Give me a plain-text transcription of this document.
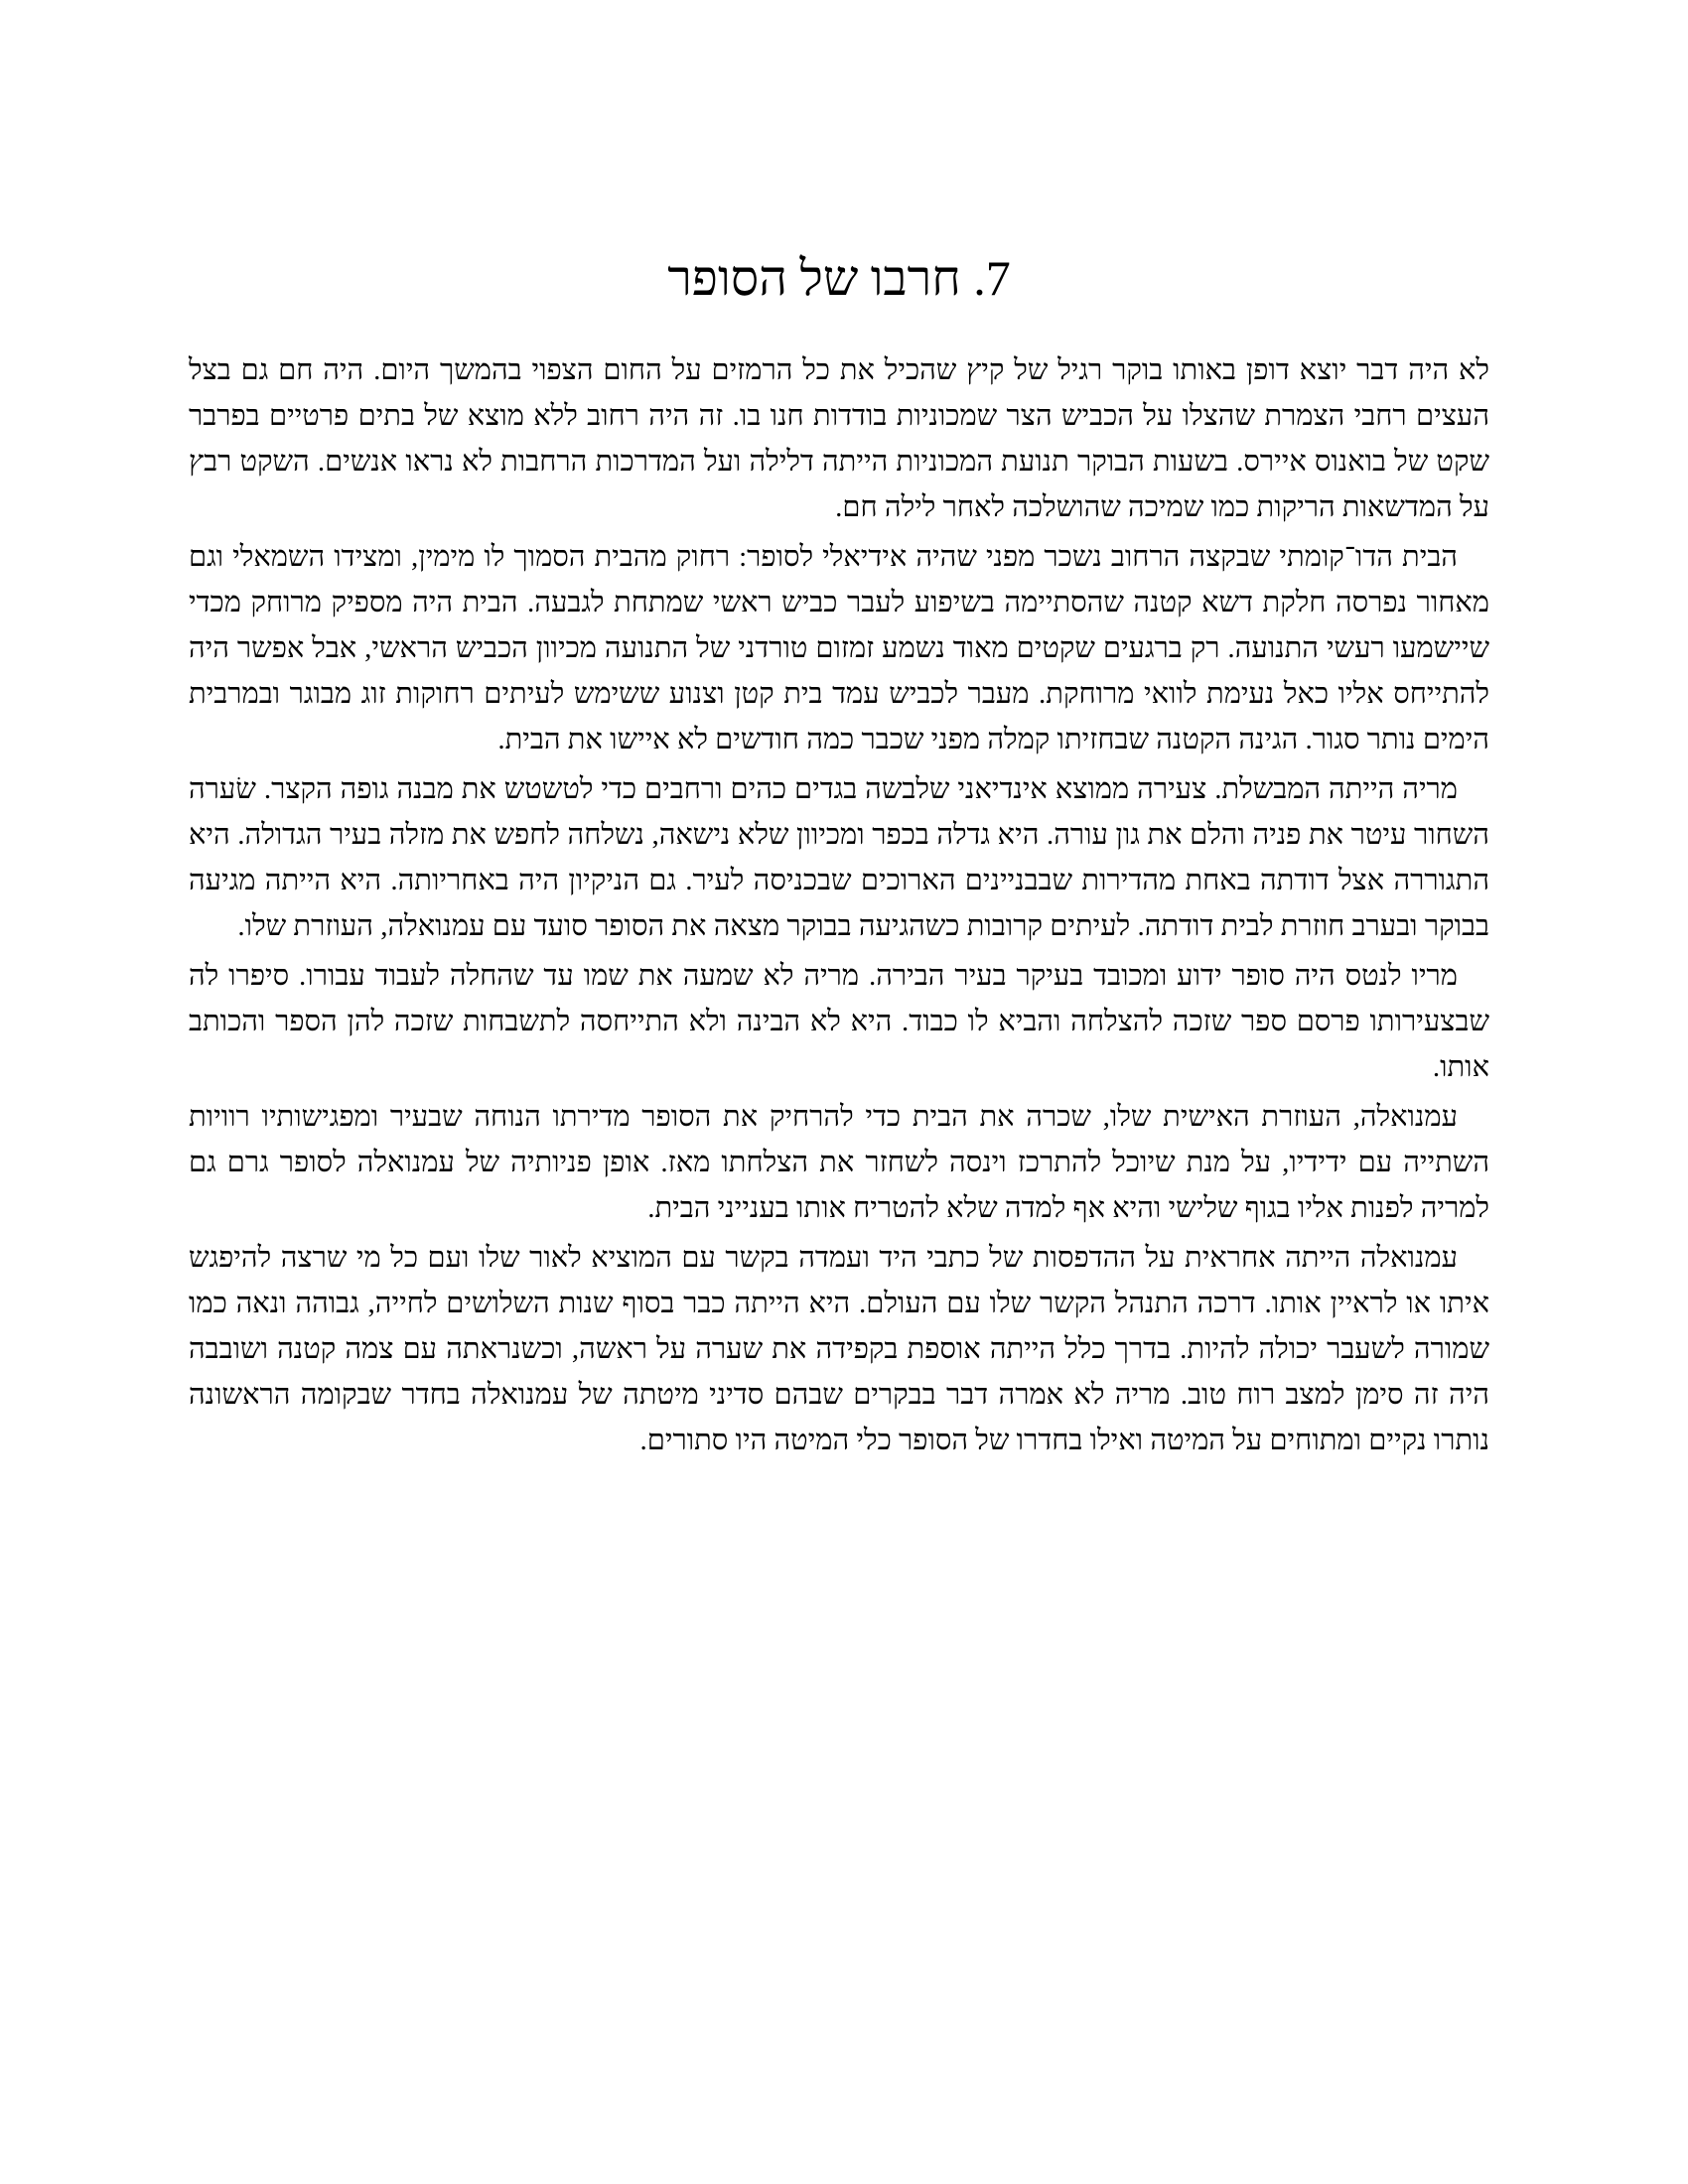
7. חרבו של הסופר

לא היה דבר יוצא דופן באותו בוקר רגיל של קיץ שהכיל את כל הרמזים על החום הצפוי בהמשך היום. היה חם גם בצל העצים רחבי הצמרת שהצלו על הכביש הצר שמכוניות בודדות חנו בו. זה היה רחוב ללא מוצא של בתים פרטיים בפרבר שקט של בואנוס איירס. בשעות הבוקר תנועת המכוניות הייתה דלילה ועל המדרכות הרחבות לא נראו אנשים. השקט רבץ על המדשאות הריקות כמו שמיכה שהושלכה לאחר לילה חם.

הבית הדו־קומתי שבקצה הרחוב נשכר מפני שהיה אידיאלי לסופר: רחוק מהבית הסמוך לו מימין, ומצידו השמאלי וגם מאחור נפרסה חלקת דשא קטנה שהסתיימה בשיפוע לעבר כביש ראשי שמתחת לגבעה. הבית היה מספיק מרוחק מכדי שיישמעו רעשי התנועה. רק ברגעים שקטים מאוד נשמע זמזום טורדני של התנועה מכיוון הכביש הראשי, אבל אפשר היה להתייחס אליו כאל נעימת לוואי מרוחקת. מעבר לכביש עמד בית קטן וצנוע ששימש לעיתים רחוקות זוג מבוגר ובמרבית הימים נותר סגור. הגינה הקטנה שבחזיתו קמלה מפני שכבר כמה חודשים לא איישו את הבית.

מריה הייתה המבשלת. צעירה ממוצא אינדיאני שלבשה בגדים כהים ורחבים כדי לטשטש את מבנה גופה הקצר. שׂערה השחור עיטר את פניה והלם את גון עורה. היא גדלה בכפר ומכיוון שלא נישאה, נשלחה לחפש את מזלה בעיר הגדולה. היא התגוררה אצל דודתה באחת מהדירות שבבניינים הארוכים שבכניסה לעיר. גם הניקיון היה באחריותה. היא הייתה מגיעה בבוקר ובערב חוזרת לבית דודתה. לעיתים קרובות כשהגיעה בבוקר מצאה את הסופר סועד עם עמנואלה, העוזרת שלו.

מריו לנטס היה סופר ידוע ומכובד בעיקר בעיר הבירה. מריה לא שמעה את שמו עד שהחלה לעבוד עבורו. סיפרו לה שבצעירותו פרסם ספר שזכה להצלחה והביא לו כבוד. היא לא הבינה ולא התייחסה לתשבחות שזכה להן הספר והכותב אותו.

עמנואלה, העוזרת האישית שלו, שכרה את הבית כדי להרחיק את הסופר מדירתו הנוחה שבעיר ומפגישותיו רוויות השתייה עם ידידיו, על מנת שיוכל להתרכז וינסה לשחזר את הצלחתו מאז. אופן פניותיה של עמנואלה לסופר גרם גם למריה לפנות אליו בגוף שלישי והיא אף למדה שלא להטריח אותו בענייני הבית.

עמנואלה הייתה אחראית על ההדפסות של כתבי היד ועמדה בקשר עם המוציא לאור שלו ועם כל מי שרצה להיפגש איתו או לראיין אותו. דרכה התנהל הקשר שלו עם העולם. היא הייתה כבר בסוף שנות השלושים לחייה, גבוהה ונאה כמו שמורה לשעבר יכולה להיות. בדרך כלל הייתה אוספת בקפידה את שערה על ראשה, וכשנראתה עם צמה קטנה ושובבה היה זה סימן למצב רוח טוב. מריה לא אמרה דבר בבקרים שבהם סדיני מיטתה של עמנואלה בחדר שבקומה הראשונה נותרו נקיים ומתוחים על המיטה ואילו בחדרו של הסופר כלי המיטה היו סתורים.
